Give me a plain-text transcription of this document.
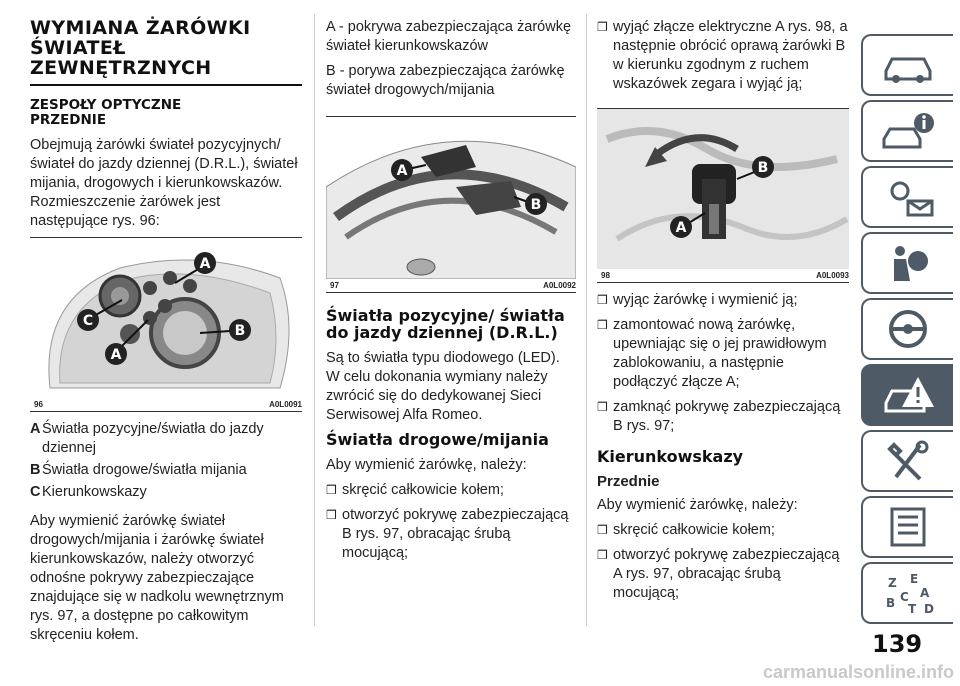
WYMIANA ŻARÓWKI
ŚWIATEŁ
ZEWNĘTRZNYCH
ZESPOŁY OPTYCZNE
PRZEDNIE

Obejmują żarówki świateł pozycyjnych/ świateł do jazdy dziennej (D.R.L.), świateł mijania, drogowych i kierunkowskazów. Rozmieszczenie żarówek jest następujące rys. 96:

A
B
C
A
96	A0L0091
A Światła pozycyjne/światła do jazdy dziennej
B Światła drogowe/światła mijania
C Kierunkowskazy

Aby wymienić żarówkę świateł drogowych/mijania i żarówkę świateł kierunkowskazów, należy otworzyć odnośne pokrywy zabezpieczające znajdujące się w nadkolu wewnętrznym rys. 97, a dostępne po całkowitym skręceniu kołem.

A - pokrywa zabezpieczająca żarówkę świateł kierunkowskazów

B - porywa zabezpieczająca żarówkę świateł drogowych/mijania

A
B
97	A0L0092
Światła pozycyjne/ światła do jazdy dziennej (D.R.L.)

Są to światła typu diodowego (LED). W celu dokonania wymiany należy zwrócić się do dedykowanej Sieci Serwisowej Alfa Romeo.

Światła drogowe/mijania

Aby wymienić żarówkę, należy:

❒ skręcić całkowicie kołem;
❒ otworzyć pokrywę zabezpieczającą B rys. 97, obracając śrubą mocującą;
❒ wyjąć złącze elektryczne A rys. 98, a następnie obrócić oprawą żarówki B w kierunku zgodnym z ruchem wskazówek zegara i wyjąć ją;
B
A
98	A0L0093
❒ wyjąc żarówkę i wymienić ją;
❒ zamontować nową żarówkę, upewniając się o jej prawidłowym zablokowaniu, a następnie podłączyć złącze A;
❒ zamknąć pokrywę zabezpieczającą B rys. 97;
Kierunkowskazy
Przednie

Aby wymienić żarówkę, należy:

❒ skręcić całkowicie kołem;
❒ otworzyć pokrywę zabezpieczającą A rys. 97, obracając śrubą mocującą;
Z E
A
B C
T D
139
carmanualsonline.info
